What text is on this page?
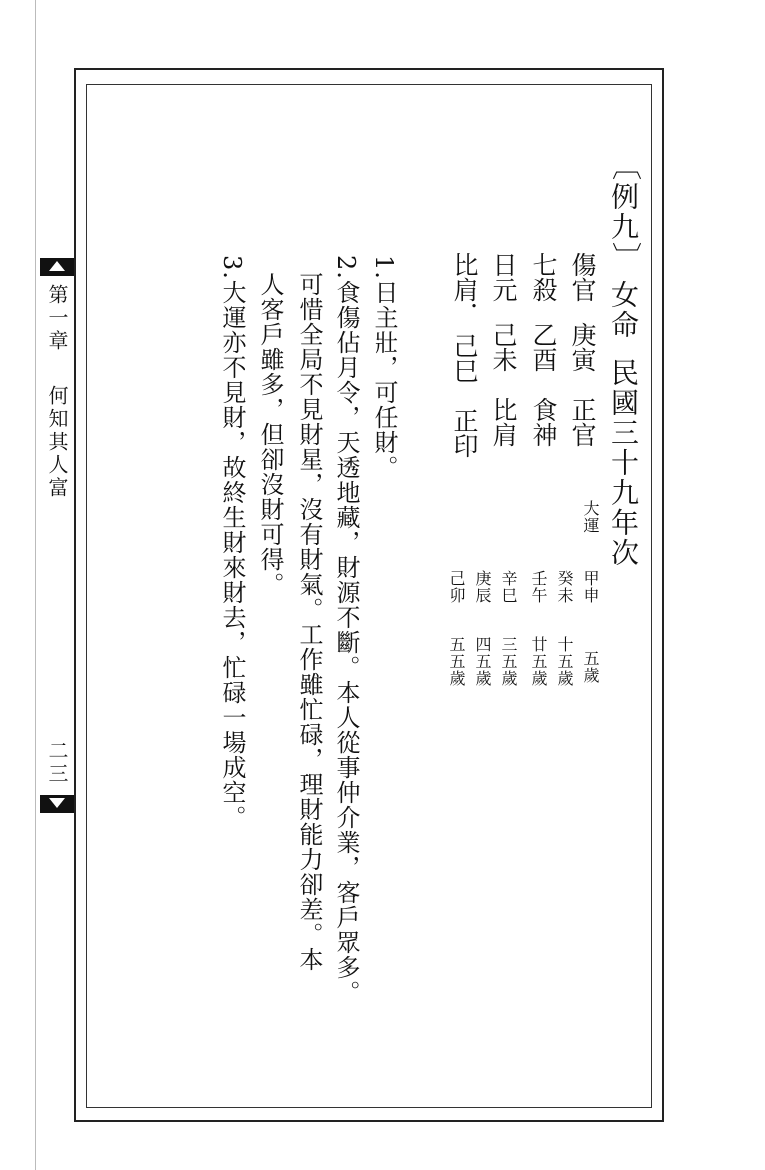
第一章
何知其人富
二三
〔例九〕女命民國三十九年次
傷官庚寅　正官
七殺乙酉　食神
日元己未　比肩
比肩．己巳　正印
大運
甲申
五歲
癸未
十五歲
壬午
廿五歲
辛巳
三五歲
庚辰
四五歲
己卯
五五歲
1.日主壯，可任財。
2.食傷佔月令，天透地藏，財源不斷。本人從事仲介業，客戶眾多。
可惜全局不見財星，沒有財氣。工作雖忙碌，理財能力卻差。本
人客戶雖多，但卻沒財可得。
3.大運亦不見財，故終生財來財去，忙碌一場成空。
